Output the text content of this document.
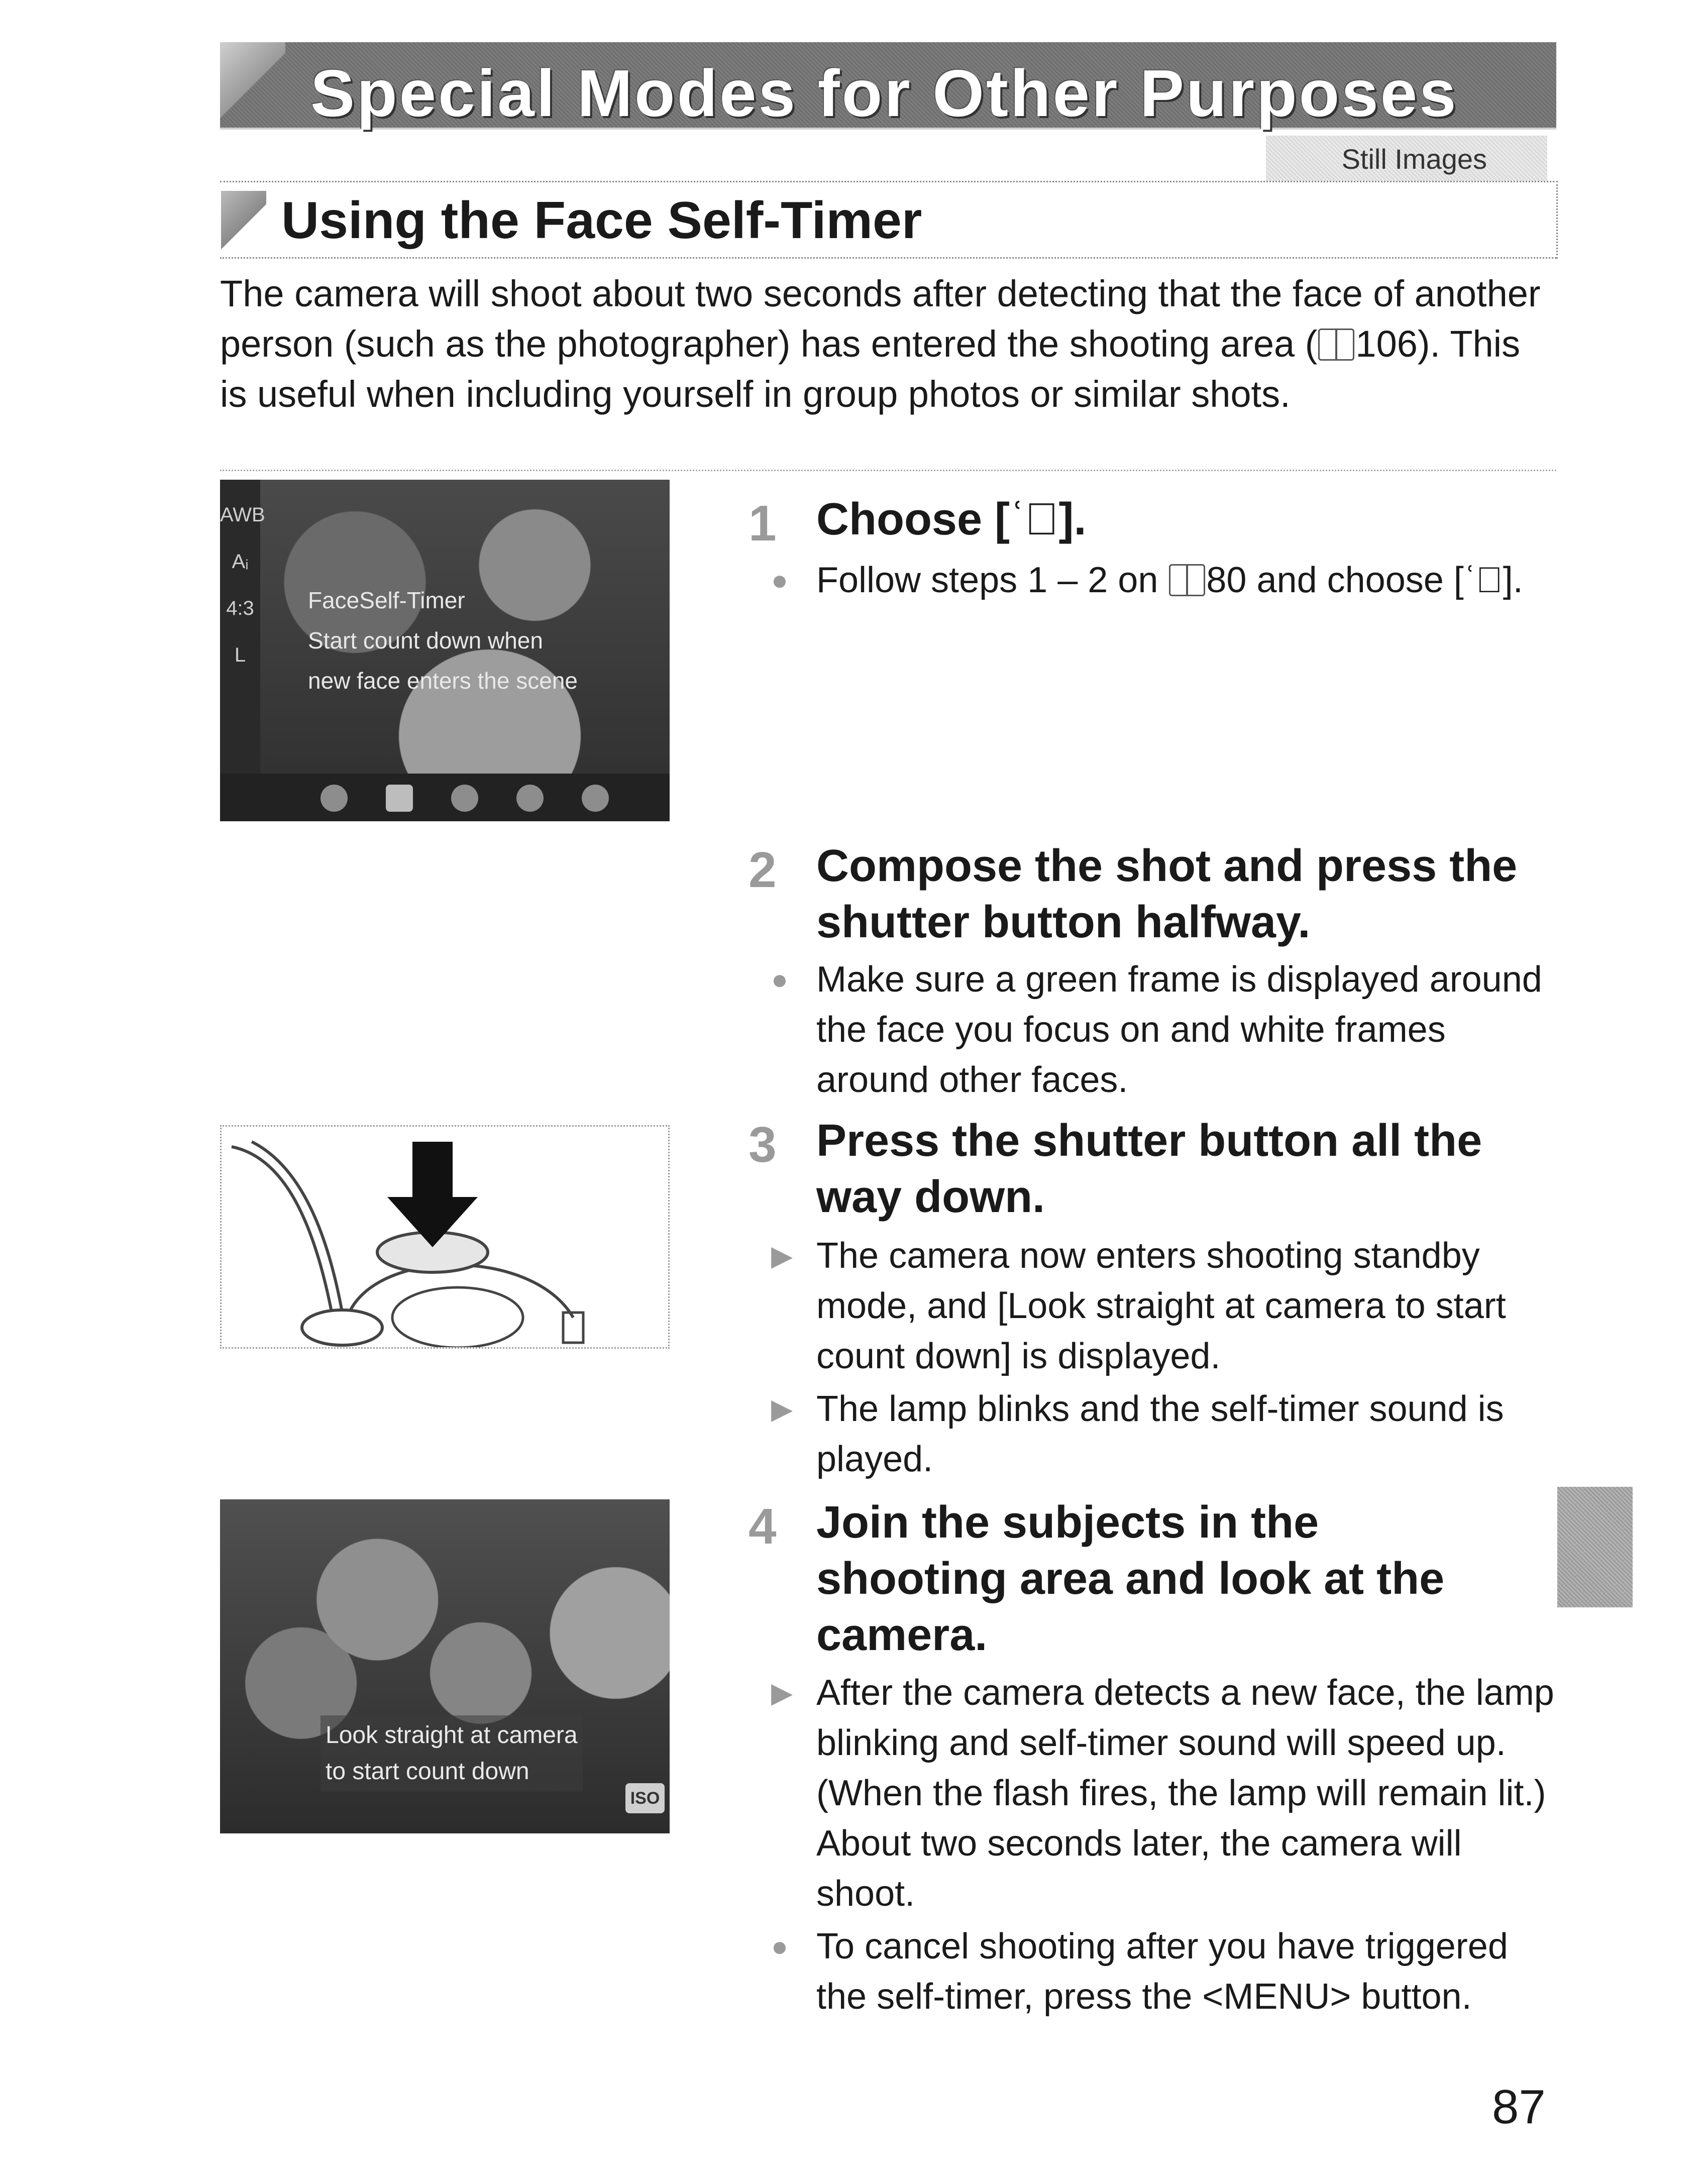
Special Modes for Other Purposes
Still Images
Using the Face Self-Timer
The camera will shoot about two seconds after detecting that the face of another person (such as the photographer) has entered the shooting area ( 106). This is useful when including yourself in group photos or similar shots.
AWB
Aᵢ
4:3
L
FaceSelf-Timer
Start count down when
new face enters the scene
Look straight at camera
to start count down
ISO
1 Choose [ʿ⃝].
● Follow steps 1 – 2 on 80 and choose [ʿ⃝].
2 Compose the shot and press the shutter button halfway.
● Make sure a green frame is displayed around the face you focus on and white frames around other faces.
3 Press the shutter button all the way down.
▶ The camera now enters shooting standby mode, and [Look straight at camera to start count down] is displayed.
▶ The lamp blinks and the self-timer sound is played.
4 Join the subjects in the shooting area and look at the camera.
▶ After the camera detects a new face, the lamp blinking and self-timer sound will speed up. (When the flash fires, the lamp will remain lit.) About two seconds later, the camera will shoot.
● To cancel shooting after you have triggered the self-timer, press the <MENU> button.
87
